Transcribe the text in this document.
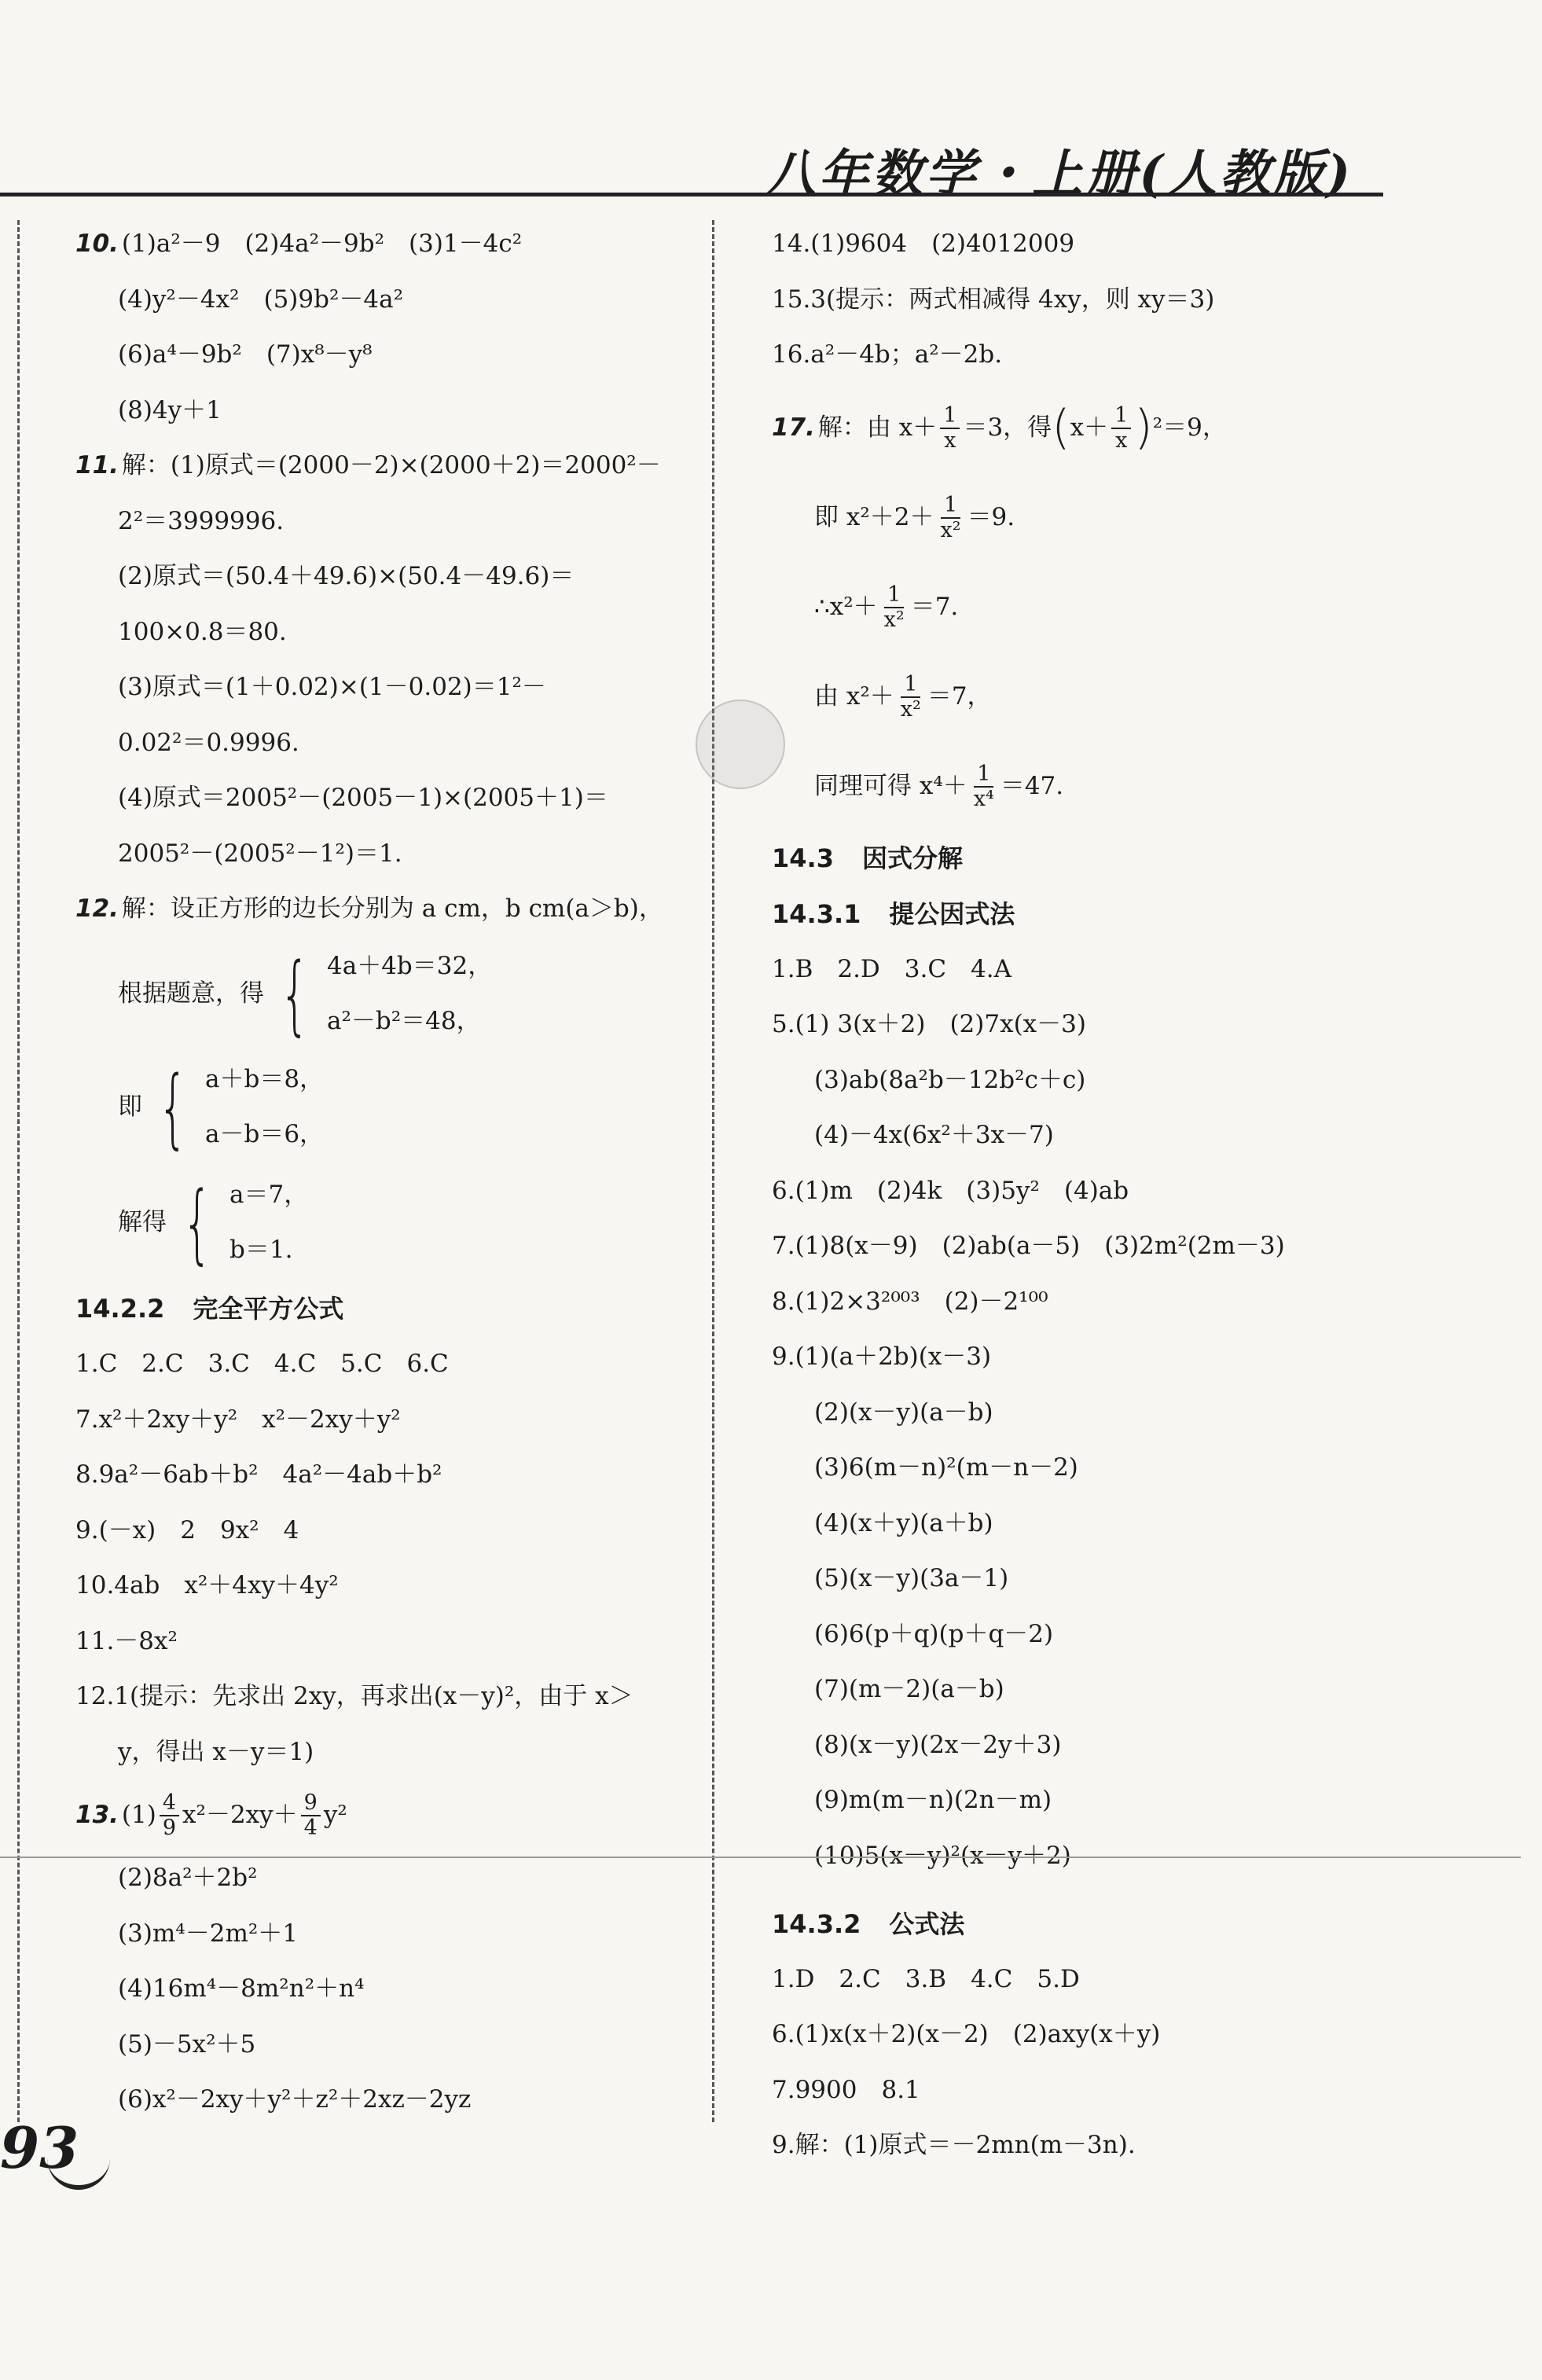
八年数学・上册(人教版)
10. (1)a²－9　(2)4a²－9b²　(3)1－4c²
(4)y²－4x²　(5)9b²－4a²
(6)a⁴－9b²　(7)x⁸－y⁸
(8)4y＋1
11. 解：(1)原式＝(2000－2)×(2000＋2)＝2000²－
2²＝3999996.
(2)原式＝(50.4＋49.6)×(50.4－49.6)＝
100×0.8＝80.
(3)原式＝(1＋0.02)×(1－0.02)＝1²－
0.02²＝0.9996.
(4)原式＝2005²－(2005－1)×(2005＋1)＝
2005²－(2005²－1²)＝1.
12. 解：设正方形的边长分别为 a cm，b cm(a＞b)，
根据题意，得 { 4a＋4b＝32，
a²－b²＝48，
即 { a＋b＝8，
a－b＝6，
解得 { a＝7，
b＝1.
14.2.2 完全平方公式
1.C　2.C　3.C　4.C　5.C　6.C
7.x²＋2xy＋y²　x²－2xy＋y²
8.9a²－6ab＋b²　4a²－4ab＋b²
9.(－x)　2　9x²　4
10.4ab　x²＋4xy＋4y²
11.－8x²
12.1(提示：先求出 2xy，再求出(x－y)²，由于 x＞
y，得出 x－y＝1)
13. $(1) \frac{4}{9} x^2-2xy+ \frac{9}{4} y^2$
(2)8a²＋2b²
(3)m⁴－2m²＋1
(4)16m⁴－8m²n²＋n⁴
(5)－5x²＋5
(6)x²－2xy＋y²＋z²＋2xz－2yz
14.(1)9604　(2)4012009
15.3(提示：两式相减得 4xy，则 xy＝3)
16.a²－4b；a²－2b.
17. 解：由 $x+ \frac{1}{x} =3$，得 ( $x+ \frac{1}{x}$ ) ²＝9，
即 $x^2+2+ \frac{1}{\text{x²}} =9$.
∴x²＋ $\frac{1}{\text{x²}} =7$.
由 $x^2+ \frac{1}{\text{x²}} =7$，
同理可得 $x^4+ \frac{1}{\text{x⁴}} =47$.
14.3 因式分解
14.3.1 提公因式法
1.B　2.D　3.C　4.A
5.(1) 3(x＋2)　(2)7x(x－3)
(3)ab(8a²b－12b²c＋c)
(4)－4x(6x²＋3x－7)
6.(1)m　(2)4k　(3)5y²　(4)ab
7.(1)8(x－9)　(2)ab(a－5)　(3)2m²(2m－3)
8.(1)2×3²⁰⁰³　(2)－2¹⁰⁰
9.(1)(a＋2b)(x－3)
(2)(x－y)(a－b)
(3)6(m－n)²(m－n－2)
(4)(x＋y)(a＋b)
(5)(x－y)(3a－1)
(6)6(p＋q)(p＋q－2)
(7)(m－2)(a－b)
(8)(x－y)(2x－2y＋3)
(9)m(m－n)(2n－m)
(10)5(x－y)²(x－y＋2)
14.3.2 公式法
1.D　2.C　3.B　4.C　5.D
6.(1)x(x＋2)(x－2)　(2)axy(x＋y)
7.9900　8.1
9.解：(1)原式＝－2mn(m－3n).
93
